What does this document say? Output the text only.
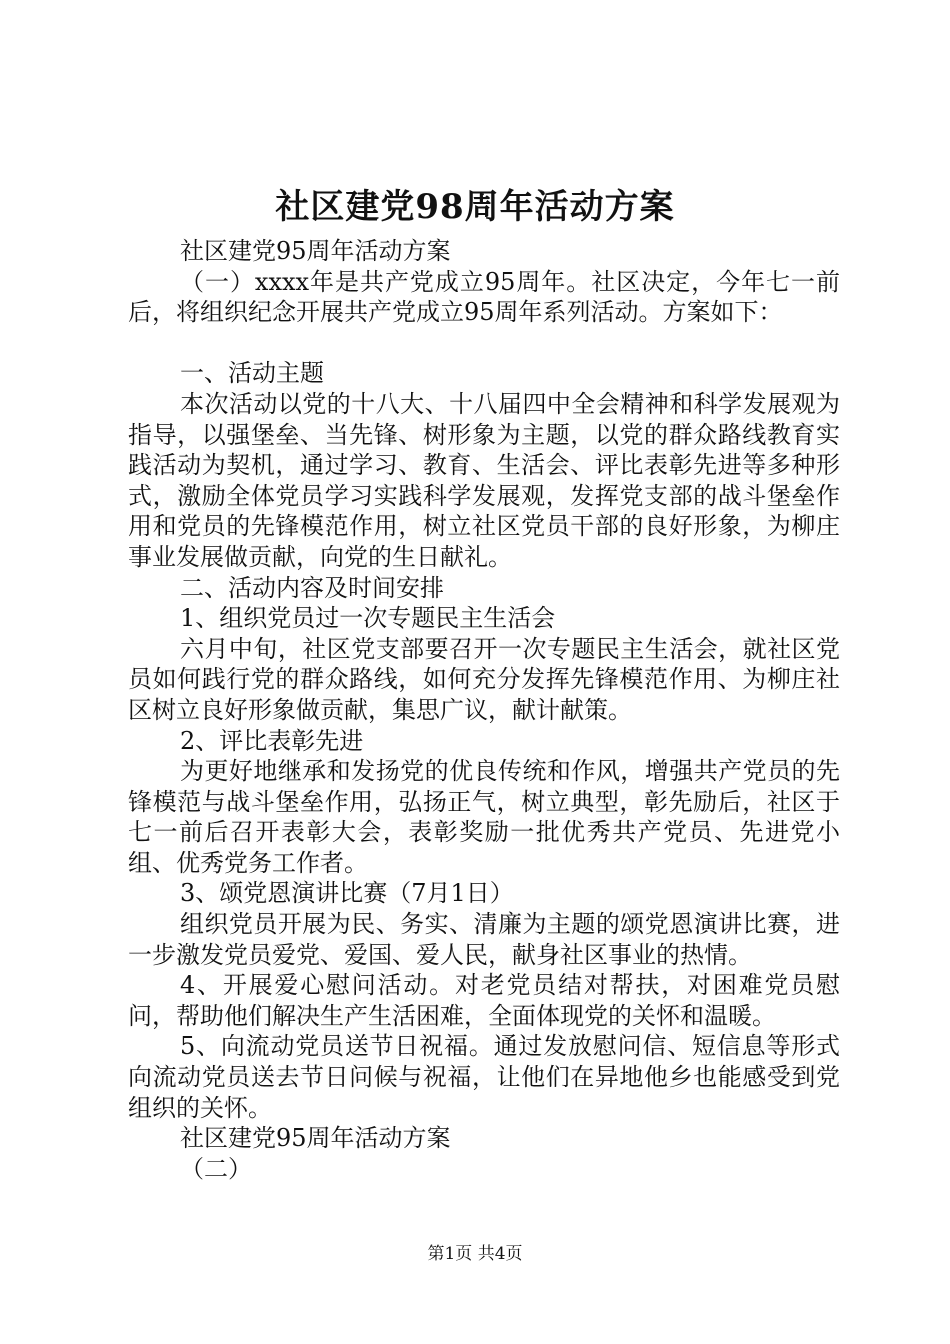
社区建党98周年活动方案

社区建党95周年活动方案

（一）xxxx年是共产党成立95周年。社区决定，今年七一前后，将组织纪念开展共产党成立95周年系列活动。方案如下：

一、活动主题

本次活动以党的十八大、十八届四中全会精神和科学发展观为指导，以强堡垒、当先锋、树形象为主题，以党的群众路线教育实践活动为契机，通过学习、教育、生活会、评比表彰先进等多种形式，激励全体党员学习实践科学发展观，发挥党支部的战斗堡垒作用和党员的先锋模范作用，树立社区党员干部的良好形象，为柳庄事业发展做贡献，向党的生日献礼。

二、活动内容及时间安排

1、组织党员过一次专题民主生活会

六月中旬，社区党支部要召开一次专题民主生活会，就社区党员如何践行党的群众路线，如何充分发挥先锋模范作用、为柳庄社区树立良好形象做贡献，集思广议，献计献策。

2、评比表彰先进

为更好地继承和发扬党的优良传统和作风，增强共产党员的先锋模范与战斗堡垒作用，弘扬正气，树立典型，彰先励后，社区于七一前后召开表彰大会，表彰奖励一批优秀共产党员、先进党小组、优秀党务工作者。

3、颂党恩演讲比赛（7月1日）

组织党员开展为民、务实、清廉为主题的颂党恩演讲比赛，进一步激发党员爱党、爱国、爱人民，献身社区事业的热情。

4、开展爱心慰问活动。对老党员结对帮扶，对困难党员慰问，帮助他们解决生产生活困难，全面体现党的关怀和温暖。

5、向流动党员送节日祝福。通过发放慰问信、短信息等形式向流动党员送去节日问候与祝福，让他们在异地他乡也能感受到党组织的关怀。

社区建党95周年活动方案

（二）

第1页 共4页
